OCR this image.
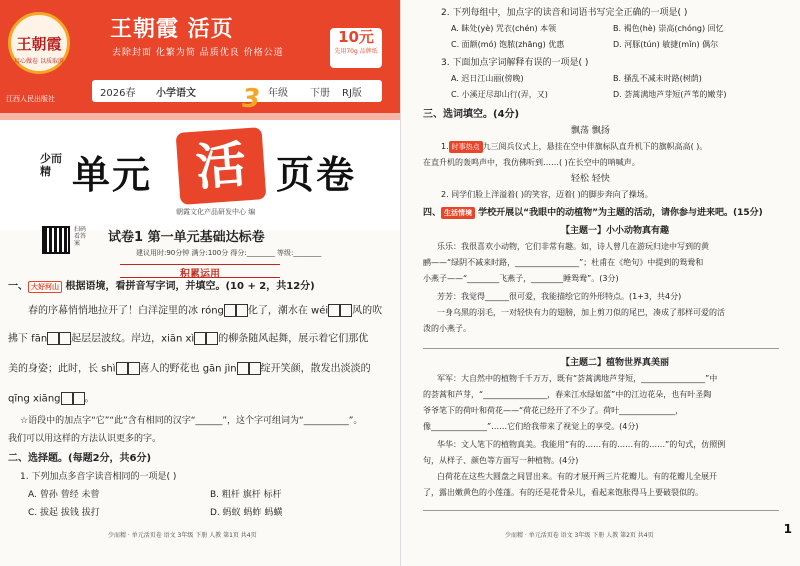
王朝霞
用心做卷 以质取胜
王朝霞 活页
去除封面 化繁为简 品质优良 价格公道
10元
先用70g 品牌纸
江西人民出版社	2026春 小学语文 3 年级 下册 RJ版
少而精 单元 活 页卷
朝霞文化产品研发中心 编
扫码看答案	试卷1 第一单元基础达标卷
建议用时:90分钟 满分:100分 得分:________ 等级:________
积累运用
一、 大好河山 根据语境，看拼音写字词，并填空。(10 + 2，共12分)
春的序幕悄悄地拉开了！白洋淀里的冰 róng 化了，潮水在 wéi 风的吹
拂下 fān 起层层波纹。岸边，xiān xì 的柳条随风起舞，展示着它们那优
美的身姿；此时，长 shì 喜人的野花也 gān jìn 绽开笑颜，散发出淡淡的
qīng xiāng 。
☆语段中的加点字“它”“此”含有相同的汉字“______”，这个字可组词为“__________”。
我们可以用这样的方法认识更多的字。
二、选择题。(每题2分，共6分)
1. 下列加点多音字读音相同的一项是( )
A. 曾孙 曾经 未曾	B. 粗杆 旗杆 标杆
C. 拔起 拔钱 拔打	D. 蚂蚁 蚂蚱 蚂蟥
少而精 · 单元活页卷 语文 3年级 下册 人教 第1页 共4页
2. 下列每组中，加点字的读音和词语书写完全正确的一项是( )
A. 眛处(yè) 咒衣(chén) 本领	B. 褐色(hè) 崇高(chóng) 回忆
C. 面额(mó) 饱脓(zhāng) 优惠	D. 河豚(tún) 敏捷(mǐn) 偶尔
3. 下面加点字词解释有误的一项是( )
A. 迟日江山丽(傍晚)	B. 搔乱不减未时路(树荫)
C. 小溪迂尽却山行(弄，又)	D. 荟蒿满地芦芽短(芦苇的嫩芽)
三、选词填空。(4分)
飘荡 飘扬
1. 时事热点 九三阅兵仪式上，悬挂在空中伴旗标队直升机下的旗帜高高( )。
在直升机的轰鸣声中，我仿佛听到……( )在长空中的呐喊声。
轻松 轻快
2. 同学们脸上洋溢着( )的笑容，迈着( )的脚步奔向了操场。
四、 生活情境 学校开展以“我眼中的动植物”为主题的活动，请你参与进来吧。(15分)
【主题一】小小动物真有趣
乐乐：我很喜欢小动物，它们非常有趣。如，诗人曾几在游玩归途中写到的黄
鹂——“绿阴不减来时路，________________”；杜甫在《绝句》中提到的鸳鸯和
小燕子——“________飞燕子，________睡鸳鸯”。(3分)
芳芳：我觉得______很可爱，我能描绘它的外形特点。(1+3，共4分)
一身乌黑的羽毛，一对轻快有力的翅膀，加上剪刀似的尾巴，凑成了那样可爱的活
泼的小燕子。
【主题二】植物世界真美丽
军军：大自然中的植物千千万万，既有“荟蒿满地芦芽短，________________”中
的荟蒿和芦芽，“________________，春来江水绿如蓝”中的江边花朵，也有叶圣陶
爷爷笔下的荷叶和荷花——“荷花已经开了不少了。荷叶______________，
像______________”……它们给我带来了视觉上的享受。(4分)
华华：文人笔下的植物真美。我能用“有的……有的……有的……”的句式，仿照例
句，从样子、颜色等方面写一种植物。(4分)
白荷花在这些大圆盘之间冒出来。有的才展开两三片花瓣儿。有的花瓣儿全展开
了，露出嫩黄色的小莲蓬。有的还是花骨朵儿，看起来饱胀得马上要破裂似的。
少而精 · 单元活页卷 语文 3年级 下册 人教 第2页 共4页	1
